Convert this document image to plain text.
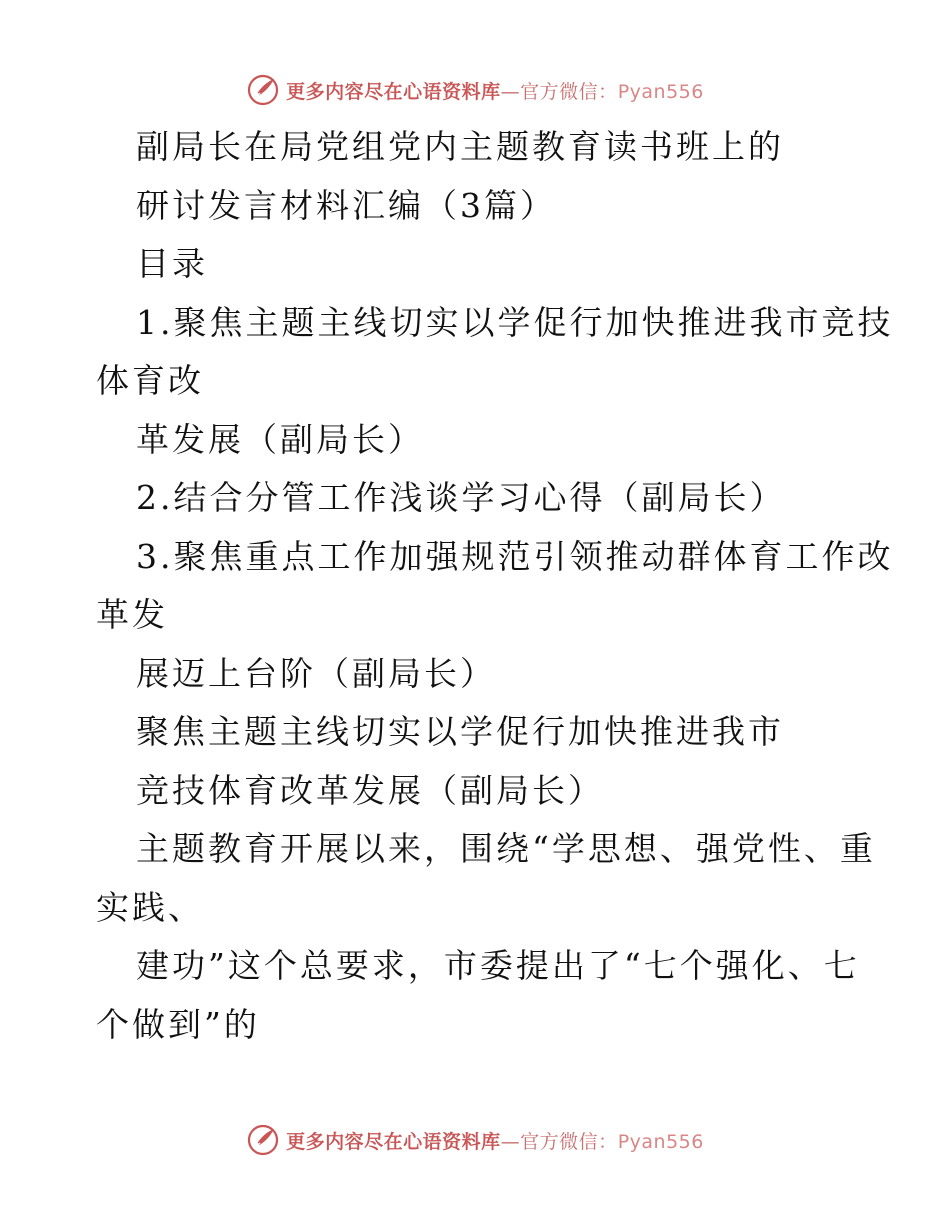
更多内容尽在心语资料库—官方微信：Pyan556
副局长在局党组党内主题教育读书班上的
研讨发言材料汇编（3篇）
目录
1.聚焦主题主线切实以学促行加快推进我市竞技
体育改
革发展（副局长）
2.结合分管工作浅谈学习心得（副局长）
3.聚焦重点工作加强规范引领推动群体育工作改
革发
展迈上台阶（副局长）
聚焦主题主线切实以学促行加快推进我市
竞技体育改革发展（副局长）
主题教育开展以来，围绕“学思想、强党性、重
实践、
建功”这个总要求，市委提出了“七个强化、七
个做到”的
更多内容尽在心语资料库—官方微信：Pyan556
